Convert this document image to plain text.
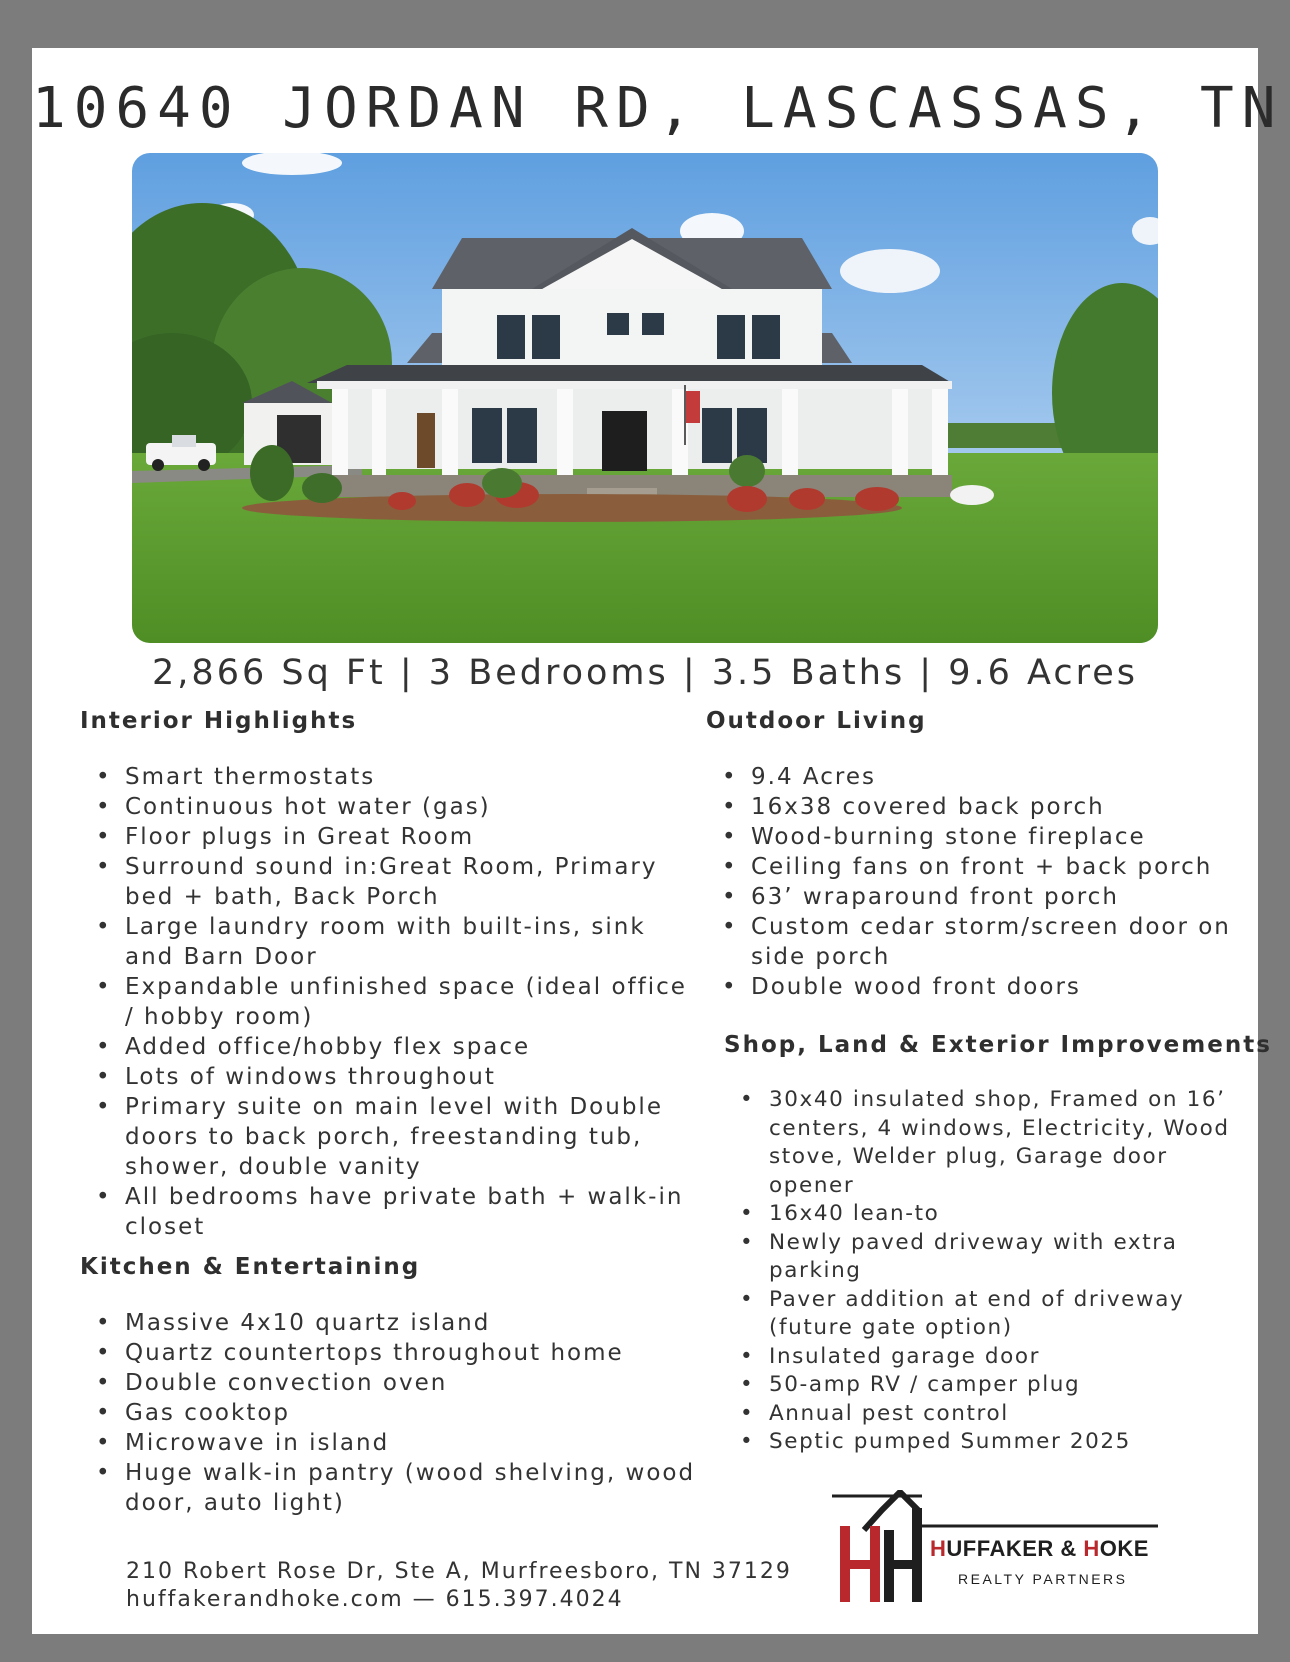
10640 JORDAN RD, LASCASSAS, TN
2,866 Sq Ft | 3 Bedrooms | 3.5 Baths | 9.6 Acres
Interior Highlights
• Smart thermostats
• Continuous hot water (gas)
• Floor plugs in Great Room
• Surround sound in:Great Room, Primary bed + bath, Back Porch
• Large laundry room with built-ins, sink and Barn Door
• Expandable unfinished space (ideal office / hobby room)
• Added office/hobby flex space
• Lots of windows throughout
• Primary suite on main level with Double doors to back porch, freestanding tub, shower, double vanity
• All bedrooms have private bath + walk-in closet
Kitchen & Entertaining
• Massive 4x10 quartz island
• Quartz countertops throughout home
• Double convection oven
• Gas cooktop
• Microwave in island
• Huge walk-in pantry (wood shelving, wood door, auto light)
Outdoor Living
• 9.4 Acres
• 16x38 covered back porch
• Wood-burning stone fireplace
• Ceiling fans on front + back porch
• 63’ wraparound front porch
• Custom cedar storm/screen door on side porch
• Double wood front doors
Shop, Land & Exterior Improvements
• 30x40 insulated shop, Framed on 16’ centers, 4 windows, Electricity, Wood stove, Welder plug, Garage door opener
• 16x40 lean-to
• Newly paved driveway with extra parking
• Paver addition at end of driveway (future gate option)
• Insulated garage door
• 50-amp RV / camper plug
• Annual pest control
• Septic pumped Summer 2025
210 Robert Rose Dr, Ste A, Murfreesboro, TN 37129
huffakerandhoke.com — 615.397.4024
HUFFAKER & HOKE
REALTY PARTNERS
